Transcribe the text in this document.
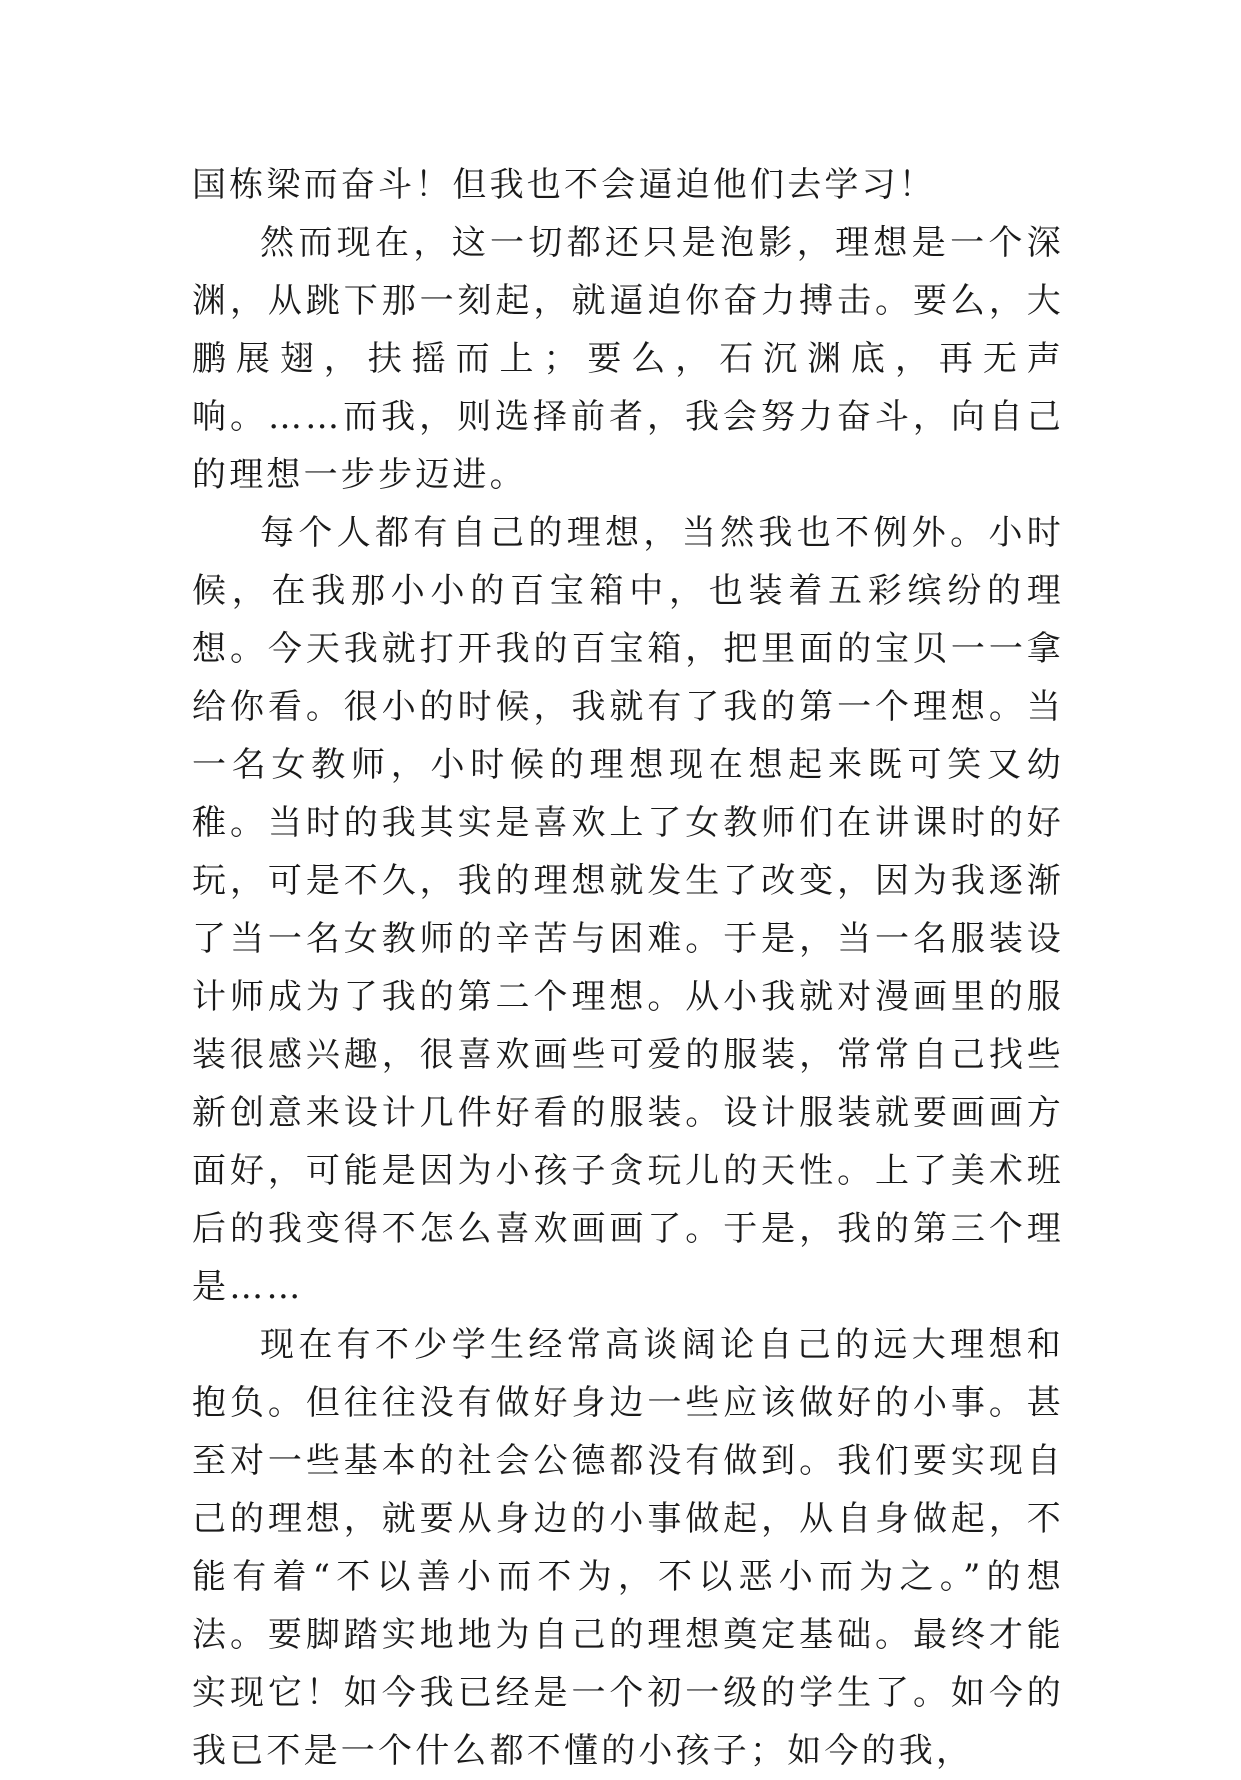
国栋梁而奋斗！但我也不会逼迫他们去学习！

然而现在，这一切都还只是泡影，理想是一个深渊，从跳下那一刻起，就逼迫你奋力搏击。要么，大鹏展翅，扶摇而上；要么，石沉渊底，再无声响。……而我，则选择前者，我会努力奋斗，向自己的理想一步步迈进。

每个人都有自己的理想，当然我也不例外。小时候，在我那小小的百宝箱中，也装着五彩缤纷的理想。今天我就打开我的百宝箱，把里面的宝贝一一拿给你看。很小的时候，我就有了我的第一个理想。当一名女教师，小时候的理想现在想起来既可笑又幼稚。当时的我其实是喜欢上了女教师们在讲课时的好玩，可是不久，我的理想就发生了改变，因为我逐渐了当一名女教师的辛苦与困难。于是，当一名服装设计师成为了我的第二个理想。从小我就对漫画里的服装很感兴趣，很喜欢画些可爱的服装，常常自己找些新创意来设计几件好看的服装。设计服装就要画画方面好，可能是因为小孩子贪玩儿的天性。上了美术班后的我变得不怎么喜欢画画了。于是，我的第三个理是……

现在有不少学生经常高谈阔论自己的远大理想和抱负。但往往没有做好身边一些应该做好的小事。甚至对一些基本的社会公德都没有做到。我们要实现自己的理想，就要从身边的小事做起，从自身做起，不能有着“不以善小而不为，不以恶小而为之。”的想法。要脚踏实地地为自己的理想奠定基础。最终才能实现它！如今我已经是一个初一级的学生了。如今的我已不是一个什么都不懂的小孩子；如今的我，
